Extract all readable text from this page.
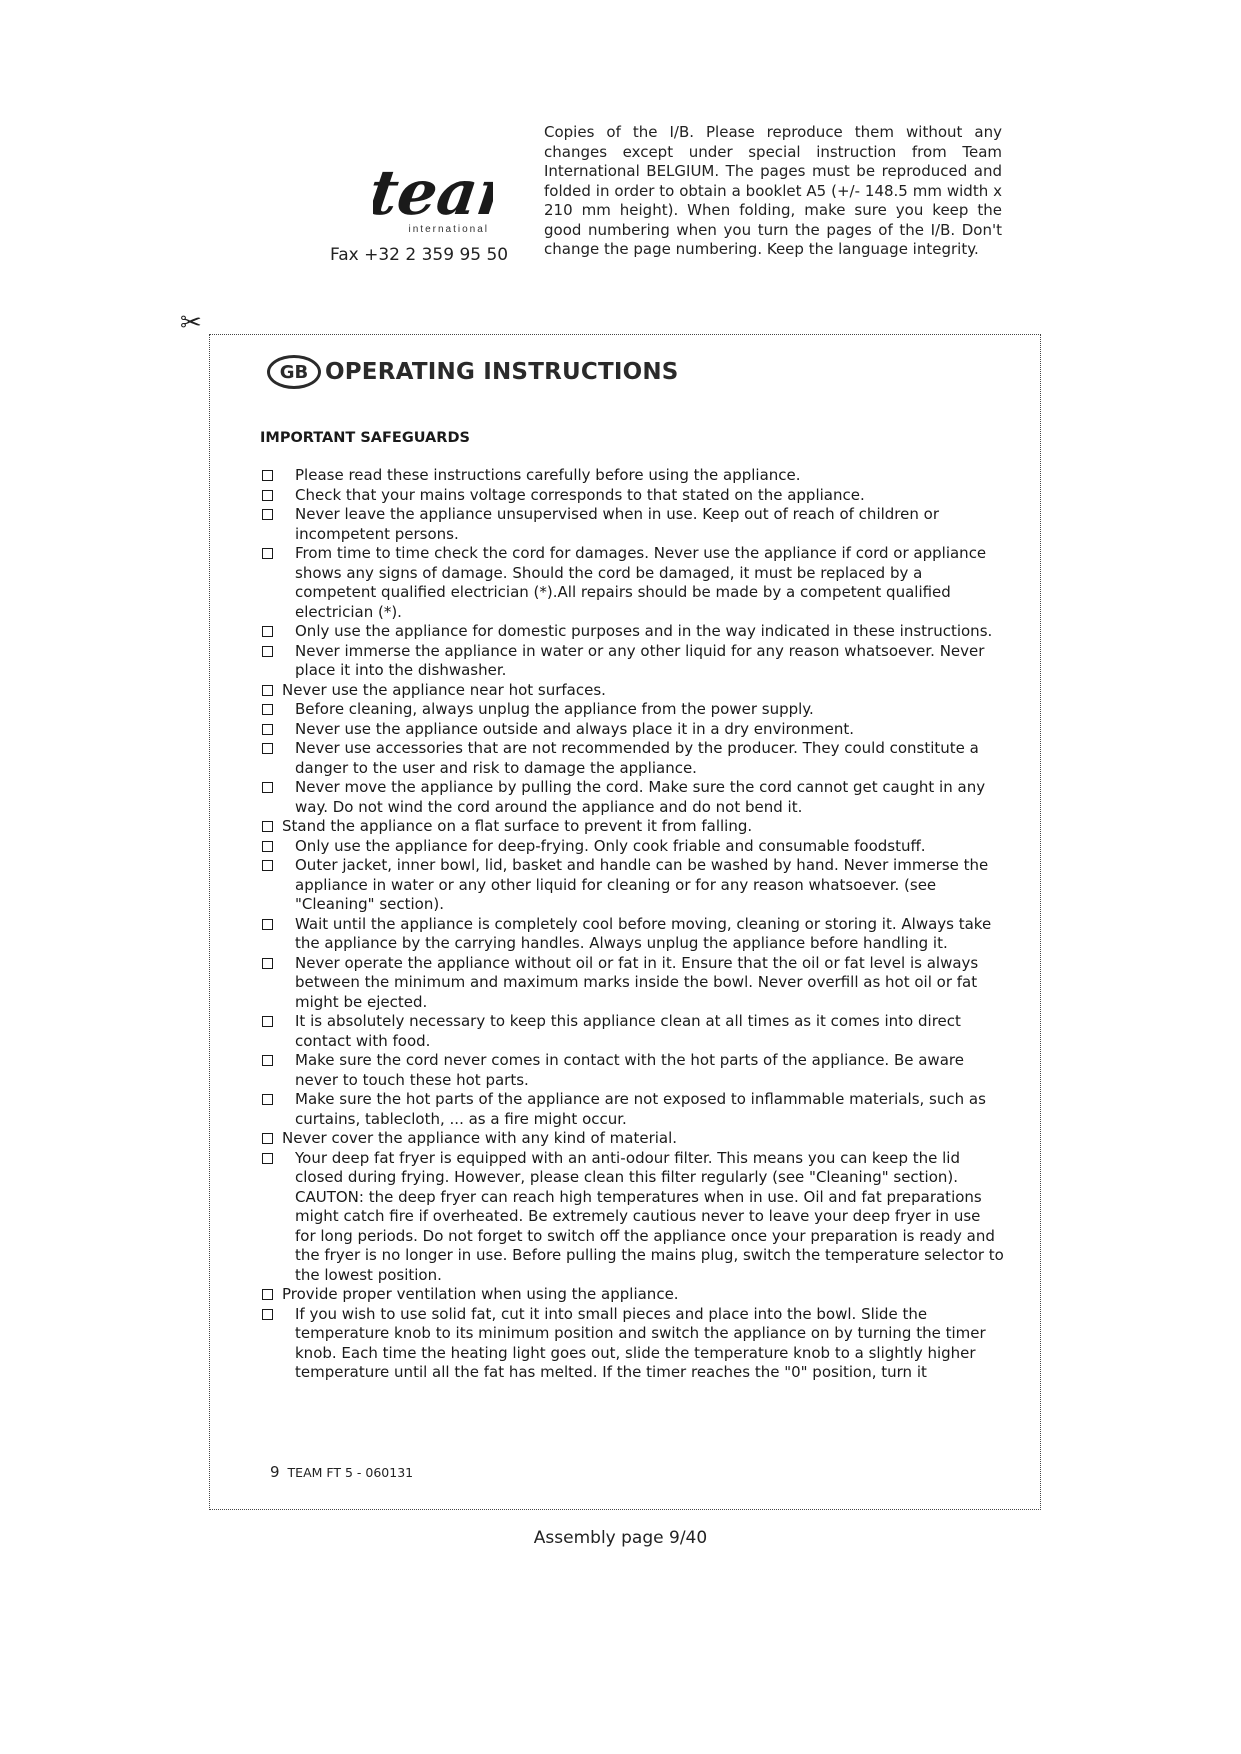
team
international
Fax +32 2 359 95 50
Copies of the I/B. Please reproduce them without any changes except under special instruction from Team International BELGIUM. The pages must be reproduced and folded in order to obtain a booklet A5 (+/- 148.5 mm width x 210 mm height). When folding, make sure you keep the good numbering when you turn the pages of the I/B. Don't change the page numbering. Keep the language integrity.
✂
GB OPERATING INSTRUCTIONS
IMPORTANT SAFEGUARDS
Please read these instructions carefully before using the appliance.
Check that your mains voltage corresponds to that stated on the appliance.
Never leave the appliance unsupervised when in use. Keep out of reach of children or incompetent persons.
From time to time check the cord for damages. Never use the appliance if cord or appliance shows any signs of damage. Should the cord be damaged, it must be replaced by a competent qualified electrician (*).All repairs should be made by a competent qualified electrician (*).
Only use the appliance for domestic purposes and in the way indicated in these instructions.
Never immerse the appliance in water or any other liquid for any reason whatsoever. Never place it into the dishwasher.
Never use the appliance near hot surfaces.
Before cleaning, always unplug the appliance from the power supply.
Never use the appliance outside and always place it in a dry environment.
Never use accessories that are not recommended by the producer. They could constitute a danger to the user and risk to damage the appliance.
Never move the appliance by pulling the cord. Make sure the cord cannot get caught in any way. Do not wind the cord around the appliance and do not bend it.
Stand the appliance on a flat surface to prevent it from falling.
Only use the appliance for deep-frying. Only cook friable and consumable foodstuff.
Outer jacket, inner bowl, lid, basket and handle can be washed by hand. Never immerse the appliance in water or any other liquid for cleaning or for any reason whatsoever. (see "Cleaning" section).
Wait until the appliance is completely cool before moving, cleaning or storing it. Always take the appliance by the carrying handles. Always unplug the appliance before handling it.
Never operate the appliance without oil or fat in it. Ensure that the oil or fat level is always between the minimum and maximum marks inside the bowl. Never overfill as hot oil or fat might be ejected.
It is absolutely necessary to keep this appliance clean at all times as it comes into direct contact with food.
Make sure the cord never comes in contact with the hot parts of the appliance. Be aware never to touch these hot parts.
Make sure the hot parts of the appliance are not exposed to inflammable materials, such as curtains, tablecloth, ... as a fire might occur.
Never cover the appliance with any kind of material.
Your deep fat fryer is equipped with an anti-odour filter. This means you can keep the lid closed during frying. However, please clean this filter regularly (see "Cleaning" section). CAUTON: the deep fryer can reach high temperatures when in use. Oil and fat preparations might catch fire if overheated. Be extremely cautious never to leave your deep fryer in use for long periods. Do not forget to switch off the appliance once your preparation is ready and the fryer is no longer in use. Before pulling the mains plug, switch the temperature selector to the lowest position.
Provide proper ventilation when using the appliance.
If you wish to use solid fat, cut it into small pieces and place into the bowl. Slide the temperature knob to its minimum position and switch the appliance on by turning the timer knob. Each time the heating light goes out, slide the temperature knob to a slightly higher temperature until all the fat has melted. If the timer reaches the "0" position, turn it
9 TEAM FT 5 - 060131
Assembly page 9/40
